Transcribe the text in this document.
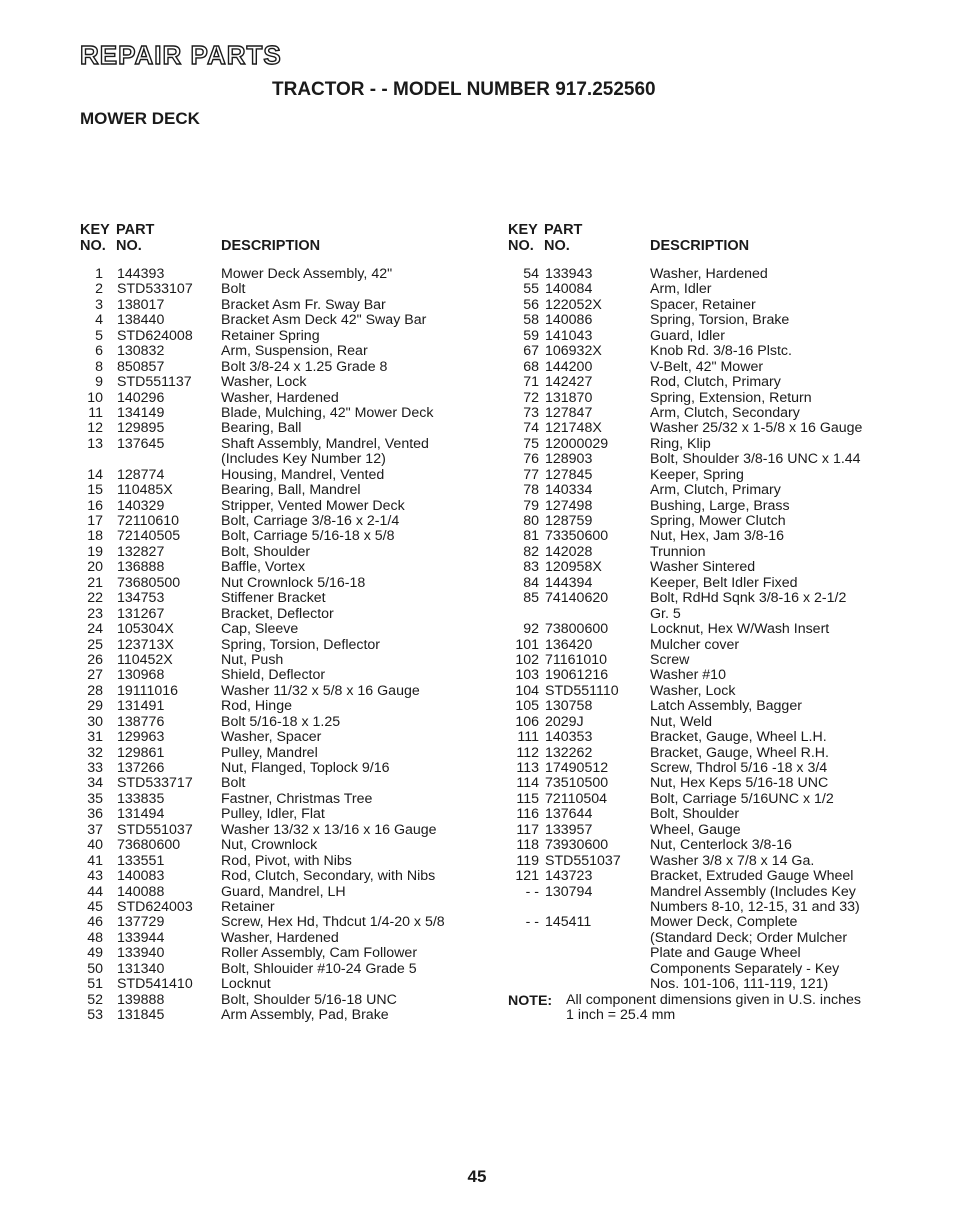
REPAIR PARTS
TRACTOR - - MODEL NUMBER 917.252560
MOWER DECK
KEY
NO.
PART
NO.	DESCRIPTION
1 144393	Mower Deck Assembly, 42"
2 STD533107 Bolt
3 138017	Bracket Asm Fr. Sway Bar
4 138440	Bracket Asm Deck 42" Sway Bar
5 STD624008 Retainer Spring
6 130832	Arm, Suspension, Rear
8 850857	Bolt 3/8-24 x 1.25 Grade 8
9 STD551137 Washer, Lock
10 140296	Washer, Hardened
11 134149	Blade, Mulching, 42" Mower Deck
12 129895	Bearing, Ball
13 137645	Shaft Assembly, Mandrel, Vented
(Includes Key Number 12)
14 128774	Housing, Mandrel, Vented
15 110485X	Bearing, Ball, Mandrel
16 140329	Stripper, Vented Mower Deck
17 72110610	Bolt, Carriage 3/8-16 x 2-1/4
18 72140505	Bolt, Carriage 5/16-18 x 5/8
19 132827	Bolt, Shoulder
20 136888	Baffle, Vortex
21 73680500	Nut Crownlock 5/16-18
22 134753	Stiffener Bracket
23 131267	Bracket, Deflector
24 105304X	Cap, Sleeve
25 123713X	Spring, Torsion, Deflector
26 110452X	Nut, Push
27 130968	Shield, Deflector
28 19111016	Washer 11/32 x 5/8 x 16 Gauge
29 131491	Rod, Hinge
30 138776	Bolt 5/16-18 x 1.25
31 129963	Washer, Spacer
32 129861	Pulley, Mandrel
33 137266	Nut, Flanged, Toplock 9/16
34 STD533717 Bolt
35 133835	Fastner, Christmas Tree
36 131494	Pulley, Idler, Flat
37 STD551037 Washer 13/32 x 13/16 x 16 Gauge
40 73680600	Nut, Crownlock
41 133551	Rod, Pivot, with Nibs
43 140083	Rod, Clutch, Secondary, with Nibs
44 140088	Guard, Mandrel, LH
45 STD624003 Retainer
46 137729	Screw, Hex Hd, Thdcut 1/4-20 x 5/8
48 133944	Washer, Hardened
49 133940	Roller Assembly, Cam Follower
50 131340	Bolt, Shlouider #10-24 Grade 5
51 STD541410 Locknut
52 139888	Bolt, Shoulder 5/16-18 UNC
53 131845	Arm Assembly, Pad, Brake
KEY
NO.
PART
NO.	DESCRIPTION
54 133943	Washer, Hardened
55 140084	Arm, Idler
56 122052X	Spacer, Retainer
58 140086	Spring, Torsion, Brake
59 141043	Guard, Idler
67 106932X	Knob Rd. 3/8-16 Plstc.
68 144200	V-Belt, 42" Mower
71 142427	Rod, Clutch, Primary
72 131870	Spring, Extension, Return
73 127847	Arm, Clutch, Secondary
74 121748X	Washer 25/32 x 1-5/8 x 16 Gauge
75 12000029	Ring, Klip
76 128903	Bolt, Shoulder 3/8-16 UNC x 1.44
77 127845	Keeper, Spring
78 140334	Arm, Clutch, Primary
79 127498	Bushing, Large, Brass
80 128759	Spring, Mower Clutch
81 73350600	Nut, Hex, Jam 3/8-16
82 142028	Trunnion
83 120958X	Washer Sintered
84 144394	Keeper, Belt Idler Fixed
85 74140620	Bolt, RdHd Sqnk 3/8-16 x 2-1/2
Gr. 5
92 73800600	Locknut, Hex W/Wash Insert
101 136420	Mulcher cover
102 71161010	Screw
103 19061216	Washer #10
104 STD551110 Washer, Lock
105 130758	Latch Assembly, Bagger
106 2029J	Nut, Weld
111 140353	Bracket, Gauge, Wheel L.H.
112 132262	Bracket, Gauge, Wheel R.H.
113 17490512	Screw, Thdrol 5/16 -18 x 3/4
114 73510500	Nut, Hex Keps 5/16-18 UNC
115 72110504	Bolt, Carriage 5/16UNC x 1/2
116 137644	Bolt, Shoulder
117 133957	Wheel, Gauge
118 73930600	Nut, Centerlock 3/8-16
119 STD551037 Washer 3/8 x 7/8 x 14 Ga.
121 143723	Bracket, Extruded Gauge Wheel
- - 130794	Mandrel Assembly (Includes Key
Numbers 8-10, 12-15, 31 and 33)
- - 145411	Mower Deck, Complete
(Standard Deck; Order Mulcher
Plate and Gauge Wheel
Components Separately - Key
Nos. 101-106, 111-119, 121)
NOTE: All component dimensions given in U.S. inches
1 inch = 25.4 mm
45
